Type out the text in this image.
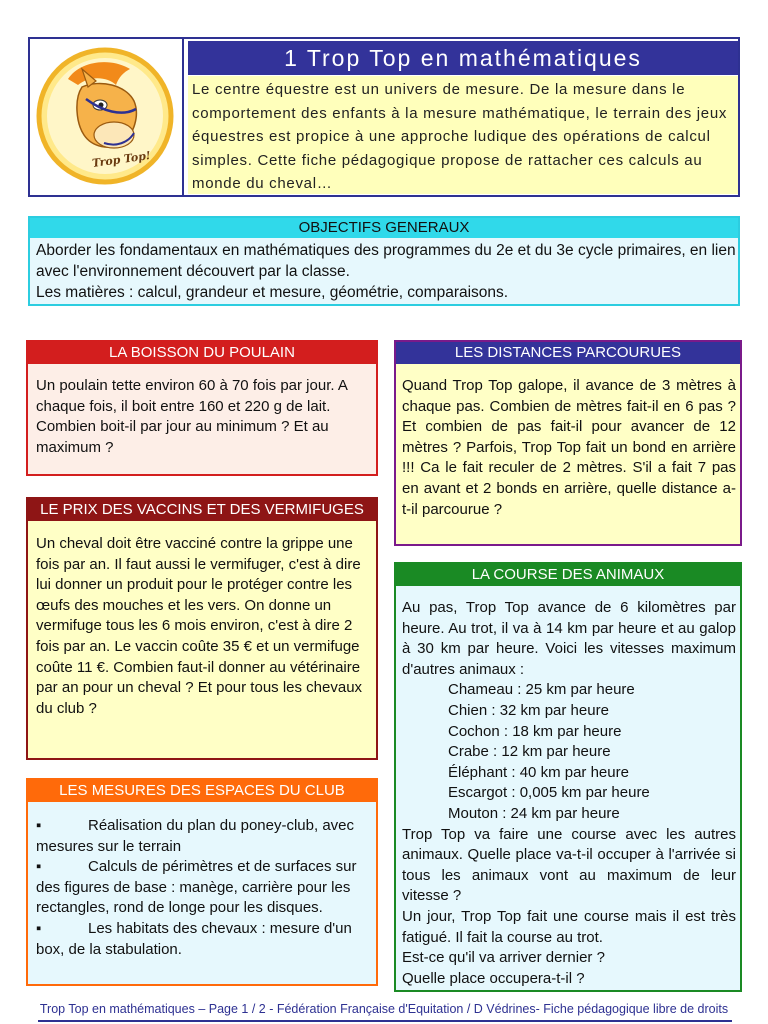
Trop Top!
1 Trop Top en mathématiques
Le centre équestre est un univers de mesure. De la mesure dans le comportement des enfants à la mesure mathématique, le terrain des jeux équestres est propice à une approche ludique des opérations de calcul simples. Cette fiche pédagogique propose de rattacher ces calculs au monde du cheval…
OBJECTIFS GENERAUX
Aborder les fondamentaux en mathématiques des programmes du 2e et du 3e cycle primaires, en lien avec l'environnement découvert par la classe.
Les matières : calcul, grandeur et mesure, géométrie, comparaisons.
LA BOISSON DU POULAIN
Un poulain tette environ 60 à 70 fois par jour. A chaque fois, il boit entre 160 et 220 g de lait. Combien boit-il par jour au minimum ? Et au maximum ?
LE PRIX DES VACCINS ET DES VERMIFUGES
Un cheval doit être vacciné contre la grippe une fois par an. Il faut aussi le vermifuger, c'est à dire lui donner un produit pour le protéger contre les œufs des mouches et les vers. On donne un vermifuge tous les 6 mois environ, c'est à dire 2 fois par an. Le vaccin coûte 35 € et un vermifuge coûte 11 €. Combien faut-il donner au vétérinaire par an pour un cheval ? Et pour tous les chevaux du club ?
LES MESURES DES ESPACES DU CLUB
▪	Réalisation du plan du poney-club, avec mesures sur le terrain
▪	Calculs de périmètres et de surfaces sur des figures de base : manège, carrière pour les rectangles, rond de longe pour les disques.
▪	Les habitats des chevaux : mesure d'un box, de la stabulation.
LES DISTANCES PARCOURUES
Quand Trop Top galope, il avance de 3 mètres à chaque pas. Combien de mètres fait-il en 6 pas ? Et combien de pas fait-il pour avancer de 12 mètres ? Parfois, Trop Top fait un bond en arrière !!! Ca le fait reculer de 2 mètres. S'il a fait 7 pas en avant et 2 bonds en arrière, quelle distance a-t-il parcourue ?
LA COURSE DES ANIMAUX
Au pas, Trop Top avance de 6 kilomètres par heure. Au trot, il va à 14 km par heure et au galop à 30 km par heure. Voici les vitesses maximum d'autres animaux :
Chameau : 25 km par heure
Chien : 32 km par heure
Cochon : 18 km par heure
Crabe : 12 km par heure
Éléphant : 40 km par heure
Escargot : 0,005 km par heure
Mouton : 24 km par heure
Trop Top va faire une course avec les autres animaux. Quelle place va-t-il occuper à l'arrivée si tous les animaux vont au maximum de leur vitesse ?
Un jour, Trop Top fait une course mais il est très fatigué. Il fait la course au trot.
Est-ce qu'il va arriver dernier ?
Quelle place occupera-t-il ?
Trop Top en mathématiques – Page 1 / 2 - Fédération Française d'Equitation / D Védrines- Fiche pédagogique libre de droits
